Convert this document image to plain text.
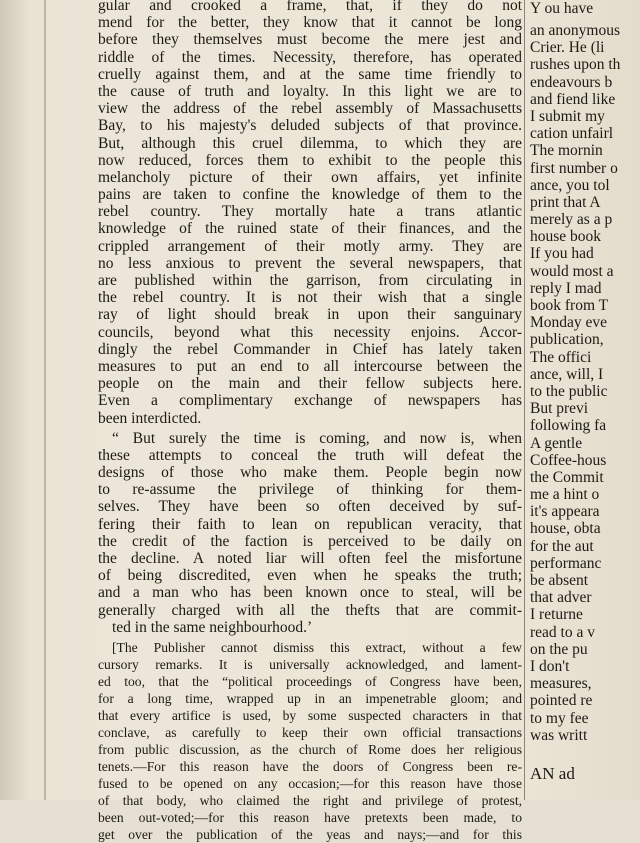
gular and crooked a frame, that, if they do not
mend for the better, they know that it cannot be long
before they themselves must become the mere jest and
riddle of the times. Necessity, therefore, has operated
cruelly against them, and at the same time friendly to
the cause of truth and loyalty. In this light we are to
view the address of the rebel assembly of Massachusetts
Bay, to his majesty's deluded subjects of that province.
But, although this cruel dilemma, to which they are
now reduced, forces them to exhibit to the people this
melancholy picture of their own affairs, yet infinite
pains are taken to confine the knowledge of them to the
rebel country. They mortally hate a trans atlantic
knowledge of the ruined state of their finances, and the
crippled arrangement of their motly army. They are
no less anxious to prevent the several newspapers, that
are published within the garrison, from circulating in
the rebel country. It is not their wish that a single
ray of light should break in upon their sanguinary
councils, beyond what this necessity enjoins. Accor-
dingly the rebel Commander in Chief has lately taken
measures to put an end to all intercourse between the
people on the main and their fellow subjects here.
Even a complimentary exchange of newspapers has
been interdicted.
“ But surely the time is coming, and now is, when
these attempts to conceal the truth will defeat the
designs of those who make them. People begin now
to re-assume the privilege of thinking for them-
selves. They have been so often deceived by suf-
fering their faith to lean on republican veracity, that
the credit of the faction is perceived to be daily on
the decline. A noted liar will often feel the misfortune
of being discredited, even when he speaks the truth;
and a man who has been known once to steal, will be
generally charged with all the thefts that are commit-
ted in the same neighbourhood.’
[The Publisher cannot dismiss this extract, without a few
cursory remarks. It is universally acknowledged, and lament-
ed too, that the “political proceedings of Congress have been,
for a long time, wrapped up in an impenetrable gloom; and
that every artifice is used, by some suspected characters in that
conclave, as carefully to keep their own official transactions
from public discussion, as the church of Rome does her religious
tenets.—For this reason have the doors of Congress been re-
fused to be opened on any occasion;—for this reason have those
of that body, who claimed the right and privilege of protest,
been out-voted;—for this reason have pretexts been made, to
get over the publication of the yeas and nays;—and for this
Y ou have
an anonymous
Crier. He (li
rushes upon th
endeavours b
and fiend like
I submit my
cation unfairl
The mornin
first number o
ance, you tol
print that A
merely as a p
house book
If you had
would most a
reply I mad
book from T
Monday eve
publication,
The offici
ance, will, I
to the public
But previ
following fa
A gentle
Coffee-hous
the Commit
me a hint o
it's appeara
house, obta
for the aut
performanc
be absent
that adver
I returne
read to a v
on the pu
I don't
measures,
pointed re
to my fee
was writt
AN ad
